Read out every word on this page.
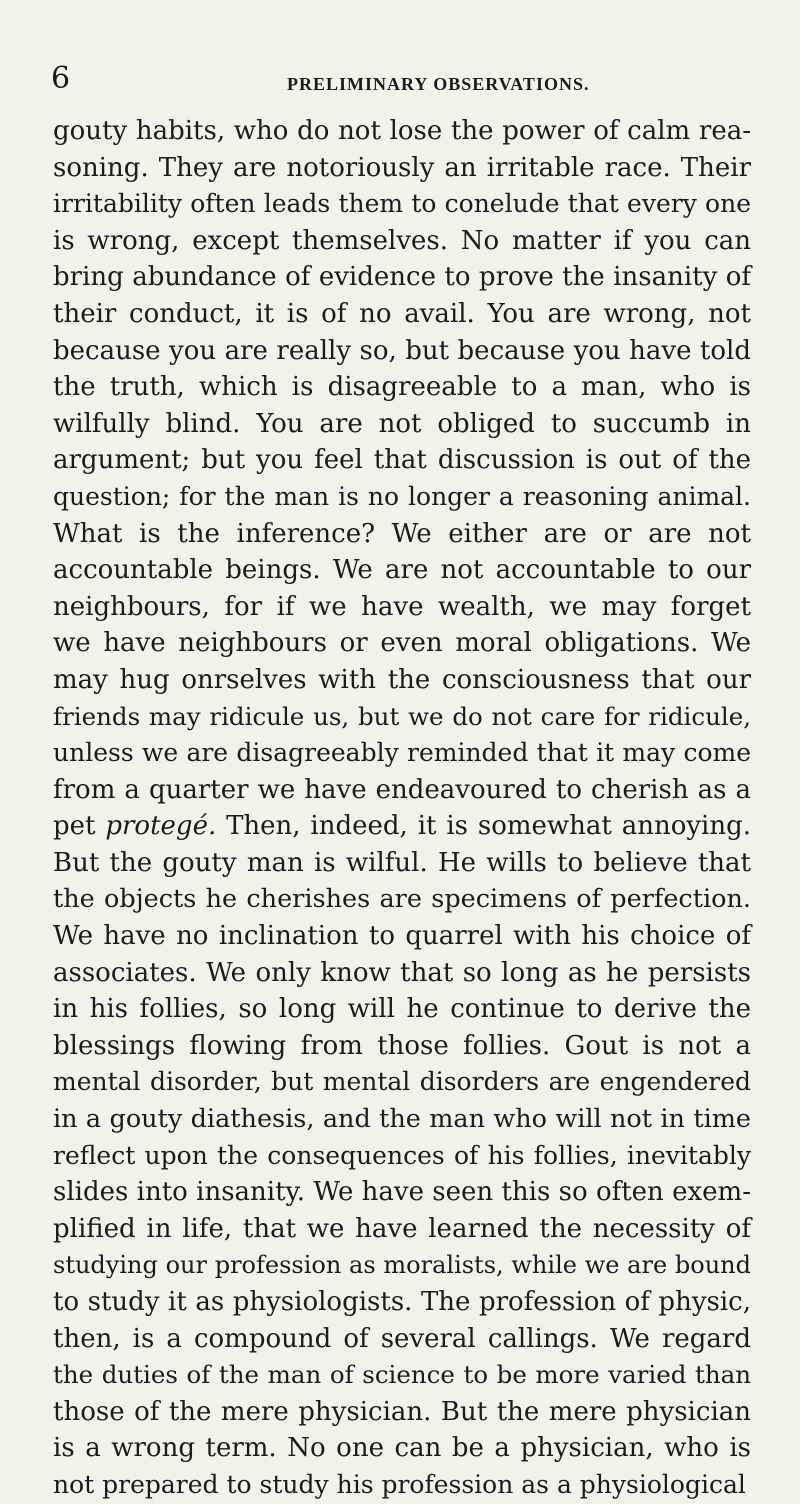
6	PRELIMINARY OBSERVATIONS.
gouty habits, who do not lose the power of calm rea-
soning. They are notoriously an irritable race. Their
irritability often leads them to conelude that every one
is wrong, except themselves. No matter if you can
bring abundance of evidence to prove the insanity of
their conduct, it is of no avail. You are wrong, not
because you are really so, but because you have told
the truth, which is disagreeable to a man, who is
wilfully blind. You are not obliged to succumb in
argument; but you feel that discussion is out of the
question; for the man is no longer a reasoning animal.
What is the inference? We either are or are not
accountable beings. We are not accountable to our
neighbours, for if we have wealth, we may forget
we have neighbours or even moral obligations. We
may hug onrselves with the consciousness that our
friends may ridicule us, but we do not care for ridicule,
unless we are disagreeably reminded that it may come
from a quarter we have endeavoured to cherish as a
pet protegé. Then, indeed, it is somewhat annoying.
But the gouty man is wilful. He wills to believe that
the objects he cherishes are specimens of perfection.
We have no inclination to quarrel with his choice of
associates. We only know that so long as he persists
in his follies, so long will he continue to derive the
blessings flowing from those follies. Gout is not a
mental disorder, but mental disorders are engendered
in a gouty diathesis, and the man who will not in time
reflect upon the consequences of his follies, inevitably
slides into insanity. We have seen this so often exem-
plified in life, that we have learned the necessity of
studying our profession as moralists, while we are bound
to study it as physiologists. The profession of physic,
then, is a compound of several callings. We regard
the duties of the man of science to be more varied than
those of the mere physician. But the mere physician
is a wrong term. No one can be a physician, who is
not prepared to study his profession as a physiological
